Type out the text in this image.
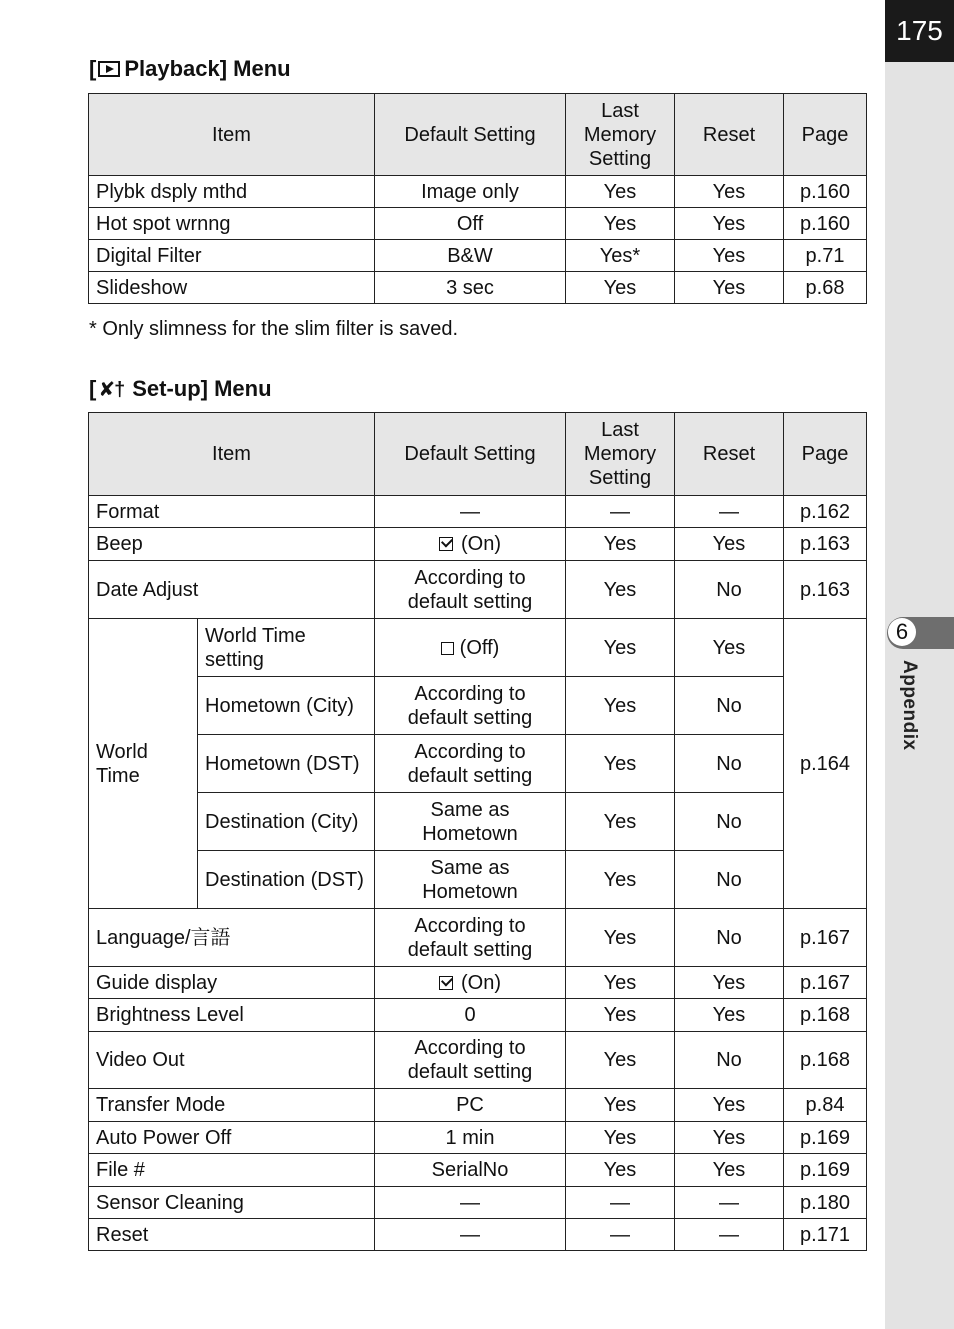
175
6
Appendix
[ Playback] Menu
Item	Default Setting	Last Memory Setting	Reset	Page
Plybk dsply mthd	Image only	Yes	Yes	p.160
Hot spot wrnng	Off	Yes	Yes	p.160
Digital Filter	B&W	Yes*	Yes	p.71
Slideshow	3 sec	Yes	Yes	p.68
* Only slimness for the slim filter is saved.
[ ✘† Set-up] Menu
Item		Default Setting	Last Memory Setting	Reset	Page
Format		—	—	—	p.162
Beep		(On)	Yes	Yes	p.163
Date Adjust		According to default setting	Yes	No	p.163
World Time	World Time setting	(Off)	Yes	Yes	p.164
	Hometown (City)	According to default setting	Yes	No	
	Hometown (DST)	According to default setting	Yes	No	
	Destination (City)	Same as Hometown	Yes	No	
	Destination (DST)	Same as Hometown	Yes	No	
Language/言語		According to default setting	Yes	No	p.167
Guide display		(On)	Yes	Yes	p.167
Brightness Level		0	Yes	Yes	p.168
Video Out		According to default setting	Yes	No	p.168
Transfer Mode		PC	Yes	Yes	p.84
Auto Power Off		1 min	Yes	Yes	p.169
File #		SerialNo	Yes	Yes	p.169
Sensor Cleaning		—	—	—	p.180
Reset		—	—	—	p.171
